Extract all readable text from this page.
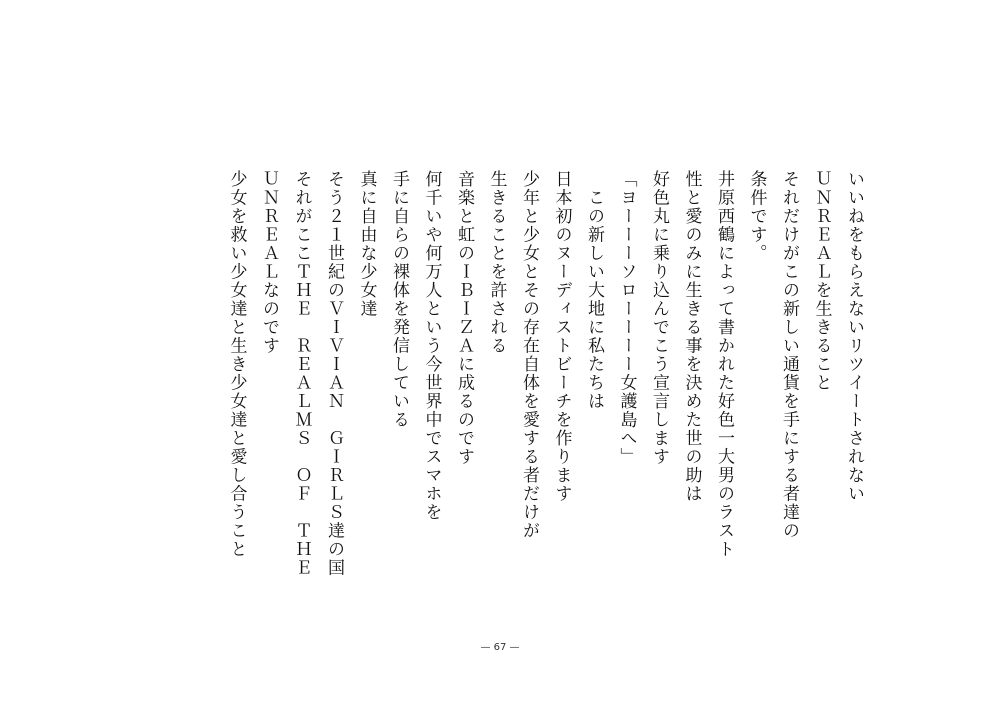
いいねをもらえないリツイートされない
ＵＮＲＥＡＬを生きること
それだけがこの新しい通貨を手にする者達の
条件です。
井原西鶴によって書かれた好色一大男のラスト
性と愛のみに生きる事を決めた世の助は
好色丸に乗り込んでこう宣言します
「ヨーーーソローーーー女護島へ」
　この新しい大地に私たちは
日本初のヌーディストビーチを作ります
少年と少女とその存在自体を愛する者だけが
生きることを許される
音楽と虹のＩＢＩＺＡに成るのです
何千いや何万人という今世界中でスマホを
手に自らの裸体を発信している
真に自由な少女達
そう２１世紀のＶＩＶＩＡＮ　ＧＩＲＬＳ達の国
それがここＴＨＥ　ＲＥＡＬＭＳ　ＯＦ　ＴＨＥ
ＵＮＲＥＡＬなのです
少女を救い少女達と生き少女達と愛し合うこと
— 67 —
